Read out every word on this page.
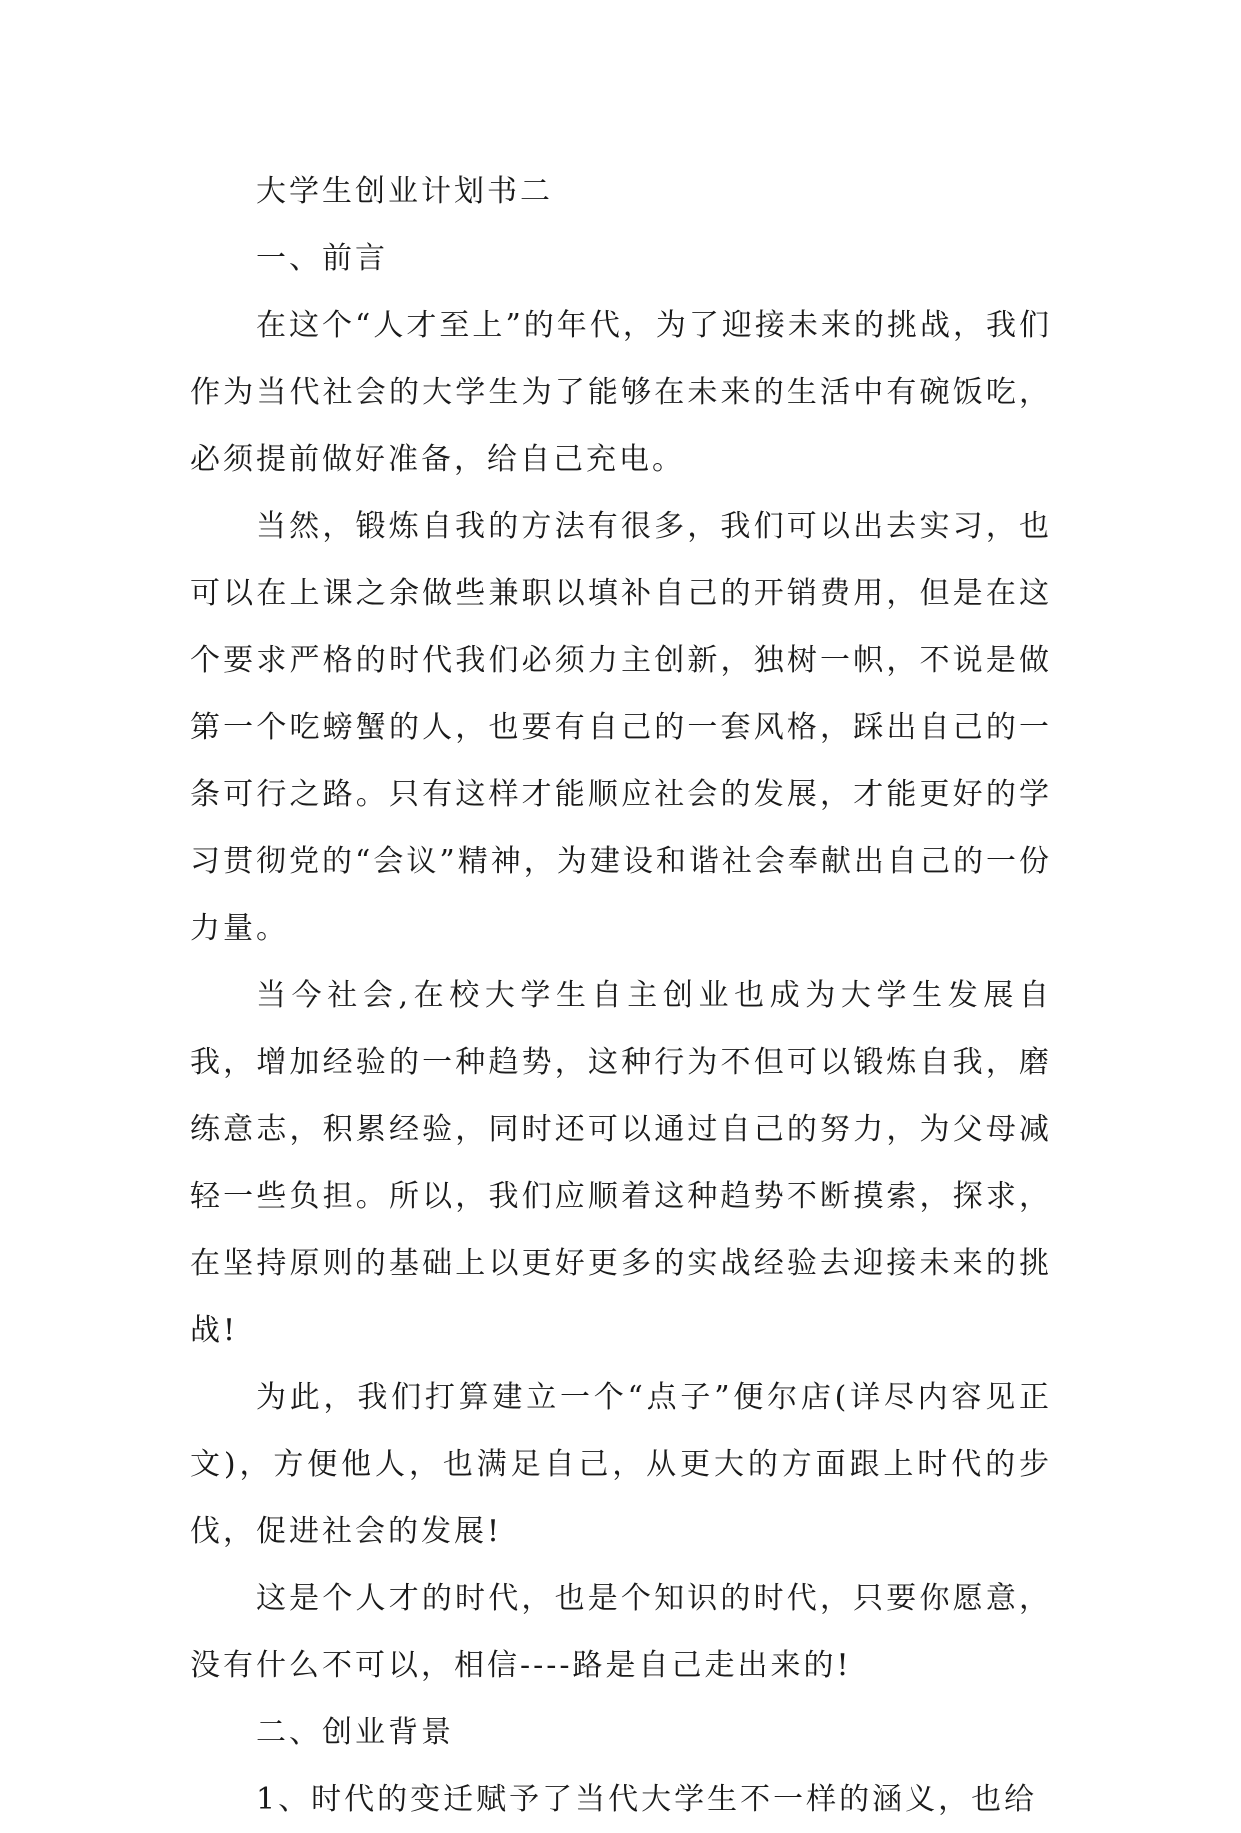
大学生创业计划书二

一、前言

在这个“人才至上”的年代，为了迎接未来的挑战，我们作为当代社会的大学生为了能够在未来的生活中有碗饭吃，必须提前做好准备，给自己充电。

当然，锻炼自我的方法有很多，我们可以出去实习，也可以在上课之余做些兼职以填补自己的开销费用，但是在这个要求严格的时代我们必须力主创新，独树一帜，不说是做第一个吃螃蟹的人，也要有自己的一套风格，踩出自己的一条可行之路。只有这样才能顺应社会的发展，才能更好的学习贯彻党的“会议”精神，为建设和谐社会奉献出自己的一份力量。

当今社会,在校大学生自主创业也成为大学生发展自我，增加经验的一种趋势，这种行为不但可以锻炼自我，磨练意志，积累经验，同时还可以通过自己的努力，为父母减轻一些负担。所以，我们应顺着这种趋势不断摸索，探求，在坚持原则的基础上以更好更多的实战经验去迎接未来的挑战!

为此，我们打算建立一个“点子”便尔店(详尽内容见正文)，方便他人，也满足自己，从更大的方面跟上时代的步伐，促进社会的发展!

这是个人才的时代，也是个知识的时代，只要你愿意，没有什么不可以，相信----路是自己走出来的!

二、创业背景

1、时代的变迁赋予了当代大学生不一样的涵义，也给
